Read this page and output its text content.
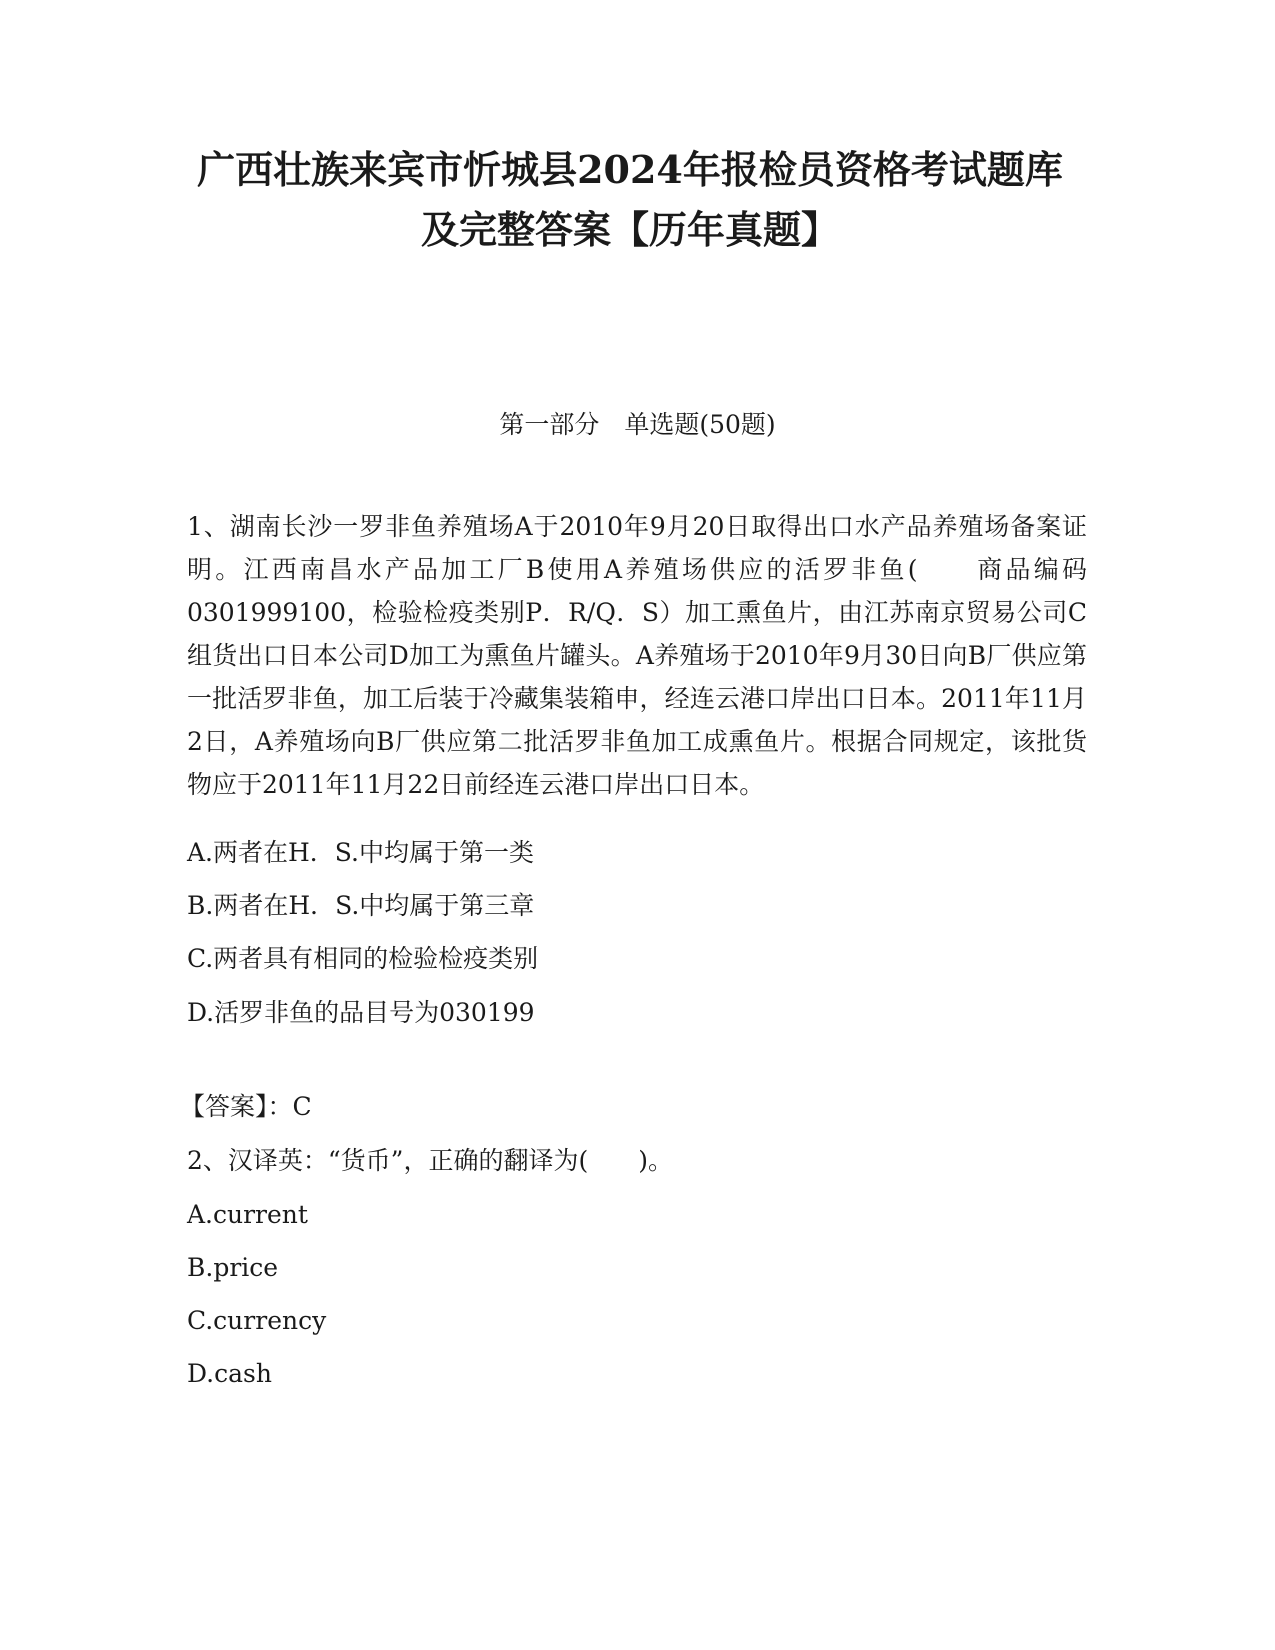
广西壮族来宾市忻城县2024年报检员资格考试题库及完整答案【历年真题】
第一部分　单选题(50题)
1、湖南长沙一罗非鱼养殖场A于2010年9月20日取得出口水产品养殖场备案证明。江西南昌水产品加工厂B使用A养殖场供应的活罗非鱼(　　商品编码0301999100，检验检疫类别P．R/Q．S）加工熏鱼片，由江苏南京贸易公司C组货出口日本公司D加工为熏鱼片罐头。A养殖场于2010年9月30日向B厂供应第一批活罗非鱼，加工后装于冷藏集装箱申，经连云港口岸出口日本。2011年11月2日，A养殖场向B厂供应第二批活罗非鱼加工成熏鱼片。根据合同规定，该批货物应于2011年11月22日前经连云港口岸出口日本。
A.两者在H．S.中均属于第一类
B.两者在H．S.中均属于第三章
C.两者具有相同的检验检疫类别
D.活罗非鱼的品目号为030199
【答案】：C
2、汉译英：“货币”，正确的翻译为(　　)。
A.current
B.price
C.currency
D.cash
